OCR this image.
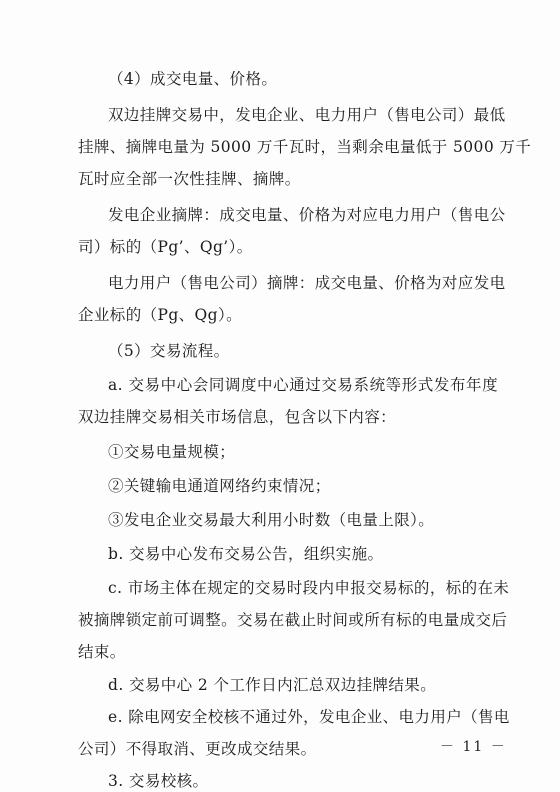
（4）成交电量、价格。
双边挂牌交易中，发电企业、电力用户（售电公司）最低
挂牌、摘牌电量为 5000 万千瓦时，当剩余电量低于 5000 万千
瓦时应全部一次性挂牌、摘牌。
发电企业摘牌：成交电量、价格为对应电力用户（售电公
司）标的（Pg’、Qg’）。
电力用户（售电公司）摘牌：成交电量、价格为对应发电
企业标的（Pg、Qg）。
（5）交易流程。
a. 交易中心会同调度中心通过交易系统等形式发布年度
双边挂牌交易相关市场信息，包含以下内容：
①交易电量规模；
②关键输电通道网络约束情况；
③发电企业交易最大利用小时数（电量上限）。
b. 交易中心发布交易公告，组织实施。
c. 市场主体在规定的交易时段内申报交易标的，标的在未
被摘牌锁定前可调整。交易在截止时间或所有标的电量成交后
结束。
d. 交易中心 2 个工作日内汇总双边挂牌结果。
e. 除电网安全校核不通过外，发电企业、电力用户（售电
公司）不得取消、更改成交结果。
3. 交易校核。
－ 11 －
